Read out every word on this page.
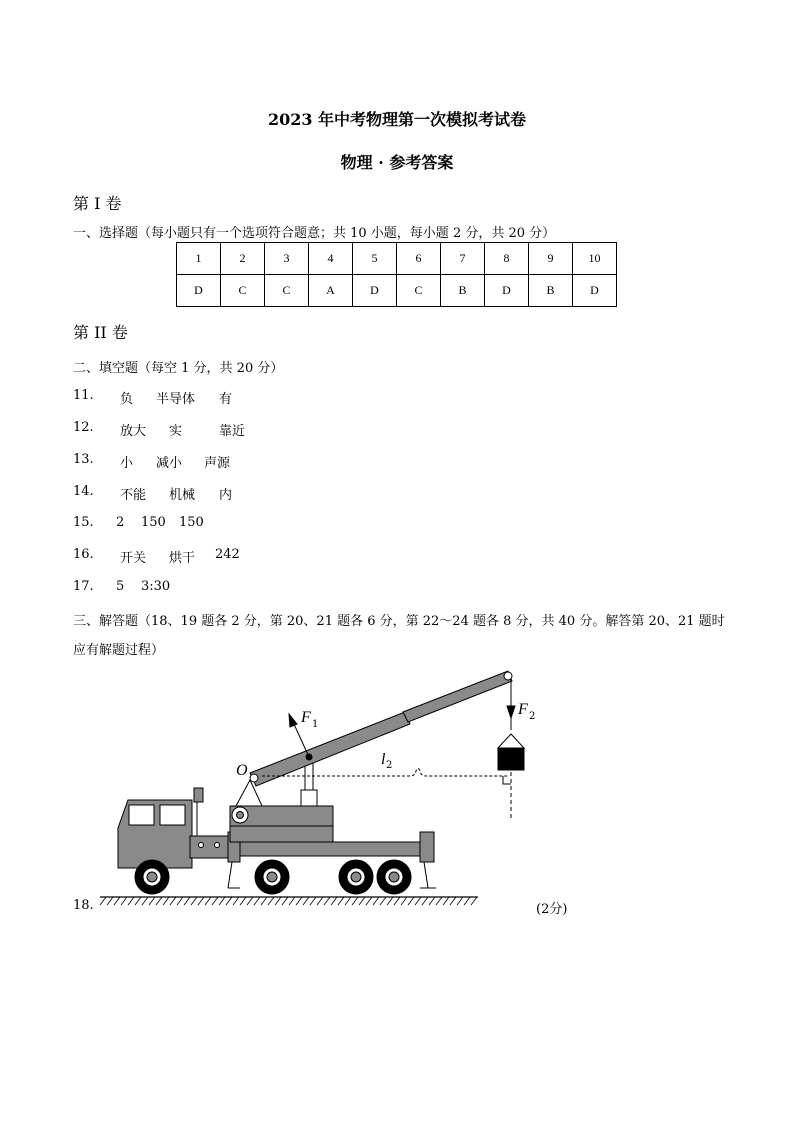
2023 年中考物理第一次模拟考试卷
物理 · 参考答案
第 I 卷
一、选择题（每小题只有一个选项符合题意；共 10 小题，每小题 2 分，共 20 分）
1	2	3	4	5	6	7	8	9	10
D	C	C	A	D	C	B	D	B	D
第 II 卷
二、填空题（每空 1 分，共 20 分）
11. 负 半导体 有
12. 放大 实	靠近
13. 小 减小 声源
14. 不能 机械 内
15. 2 150 150
16. 开关 烘干 242
17. 5 3:30
三、解答题（18、19 题各 2 分，第 20、21 题各 6 分，第 22～24 题各 8 分，共 40 分。解答第 20、21 题时
应有解题过程）
O
F 1
F 2
l 2
18.	(2分)
